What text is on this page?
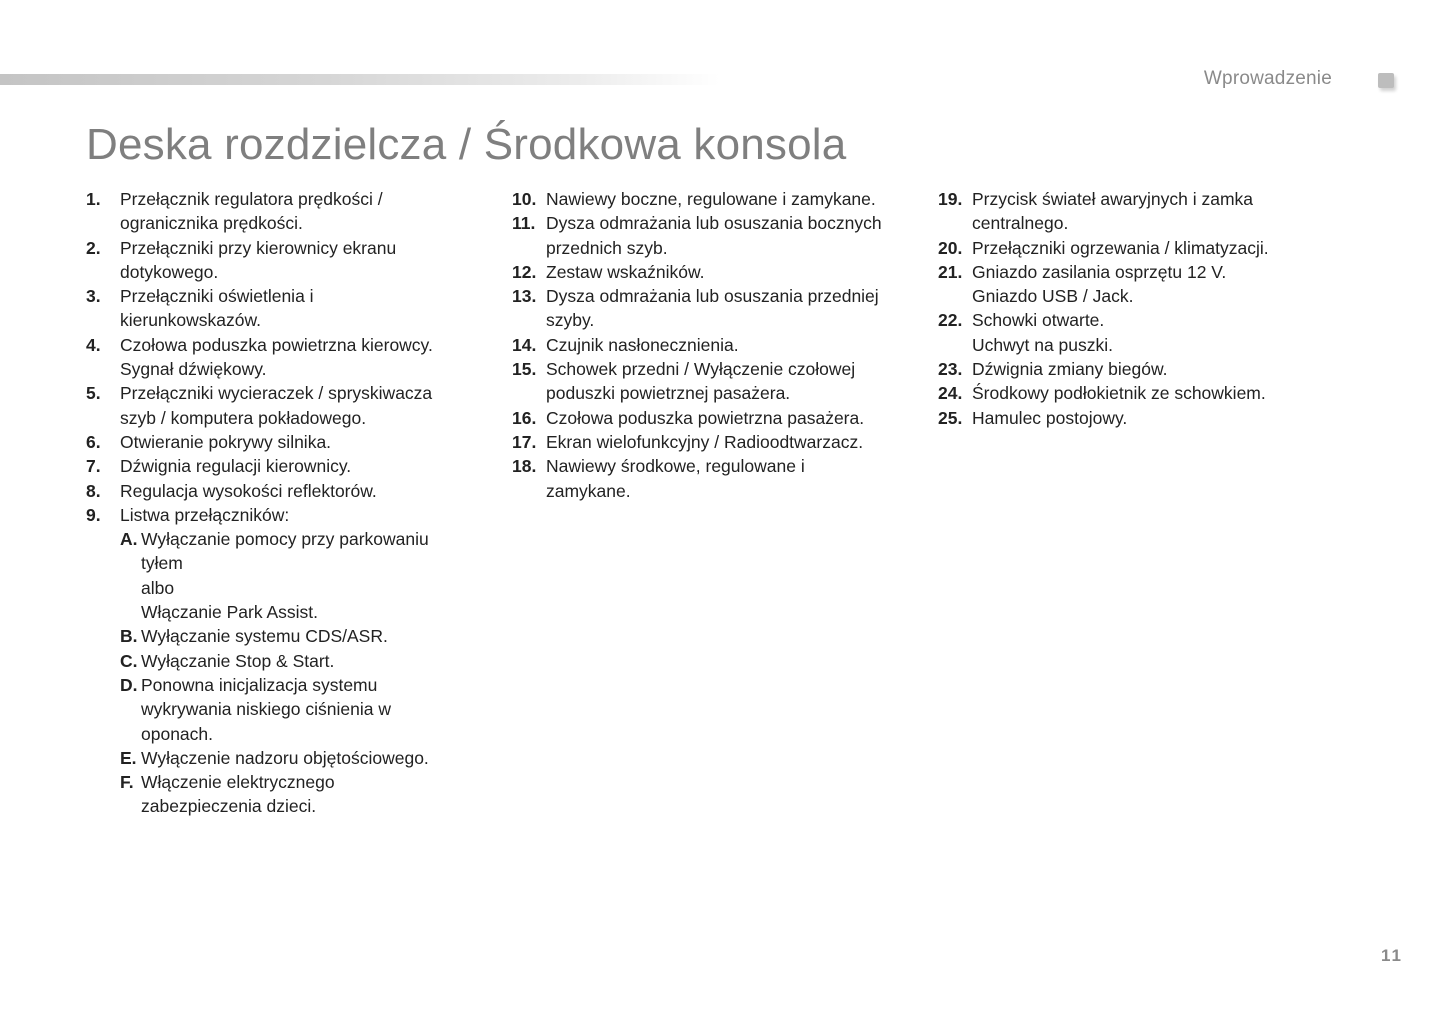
Wprowadzenie
Deska rozdzielcza / Środkowa konsola
1.	Przełącznik regulatora prędkości /
ogranicznika prędkości.
2.	Przełączniki przy kierownicy ekranu
dotykowego.
3.	Przełączniki oświetlenia i
kierunkowskazów.
4.	Czołowa poduszka powietrzna kierowcy.
Sygnał dźwiękowy.
5.	Przełączniki wycieraczek / spryskiwacza
szyb / komputera pokładowego.
6.	Otwieranie pokrywy silnika.
7.	Dźwignia regulacji kierownicy.
8.	Regulacja wysokości reflektorów.
9.	Listwa przełączników:
A. Wyłączanie pomocy przy parkowaniu
tyłem
albo
Włączanie Park Assist.
B. Wyłączanie systemu CDS/ASR.
C. Wyłączanie Stop & Start.
D. Ponowna inicjalizacja systemu
wykrywania niskiego ciśnienia w
oponach.
E. Wyłączenie nadzoru objętościowego.
F. Włączenie elektrycznego
zabezpieczenia dzieci.
10. Nawiewy boczne, regulowane i zamykane.
11. Dysza odmrażania lub osuszania bocznych
przednich szyb.
12. Zestaw wskaźników.
13. Dysza odmrażania lub osuszania przedniej
szyby.
14. Czujnik nasłonecznienia.
15. Schowek przedni / Wyłączenie czołowej
poduszki powietrznej pasażera.
16. Czołowa poduszka powietrzna pasażera.
17. Ekran wielofunkcyjny / Radioodtwarzacz.
18. Nawiewy środkowe, regulowane i
zamykane.
19. Przycisk świateł awaryjnych i zamka
centralnego.
20. Przełączniki ogrzewania / klimatyzacji.
21. Gniazdo zasilania osprzętu 12 V.
Gniazdo USB / Jack.
22. Schowki otwarte.
Uchwyt na puszki.
23. Dźwignia zmiany biegów.
24. Środkowy podłokietnik ze schowkiem.
25. Hamulec postojowy.
11
